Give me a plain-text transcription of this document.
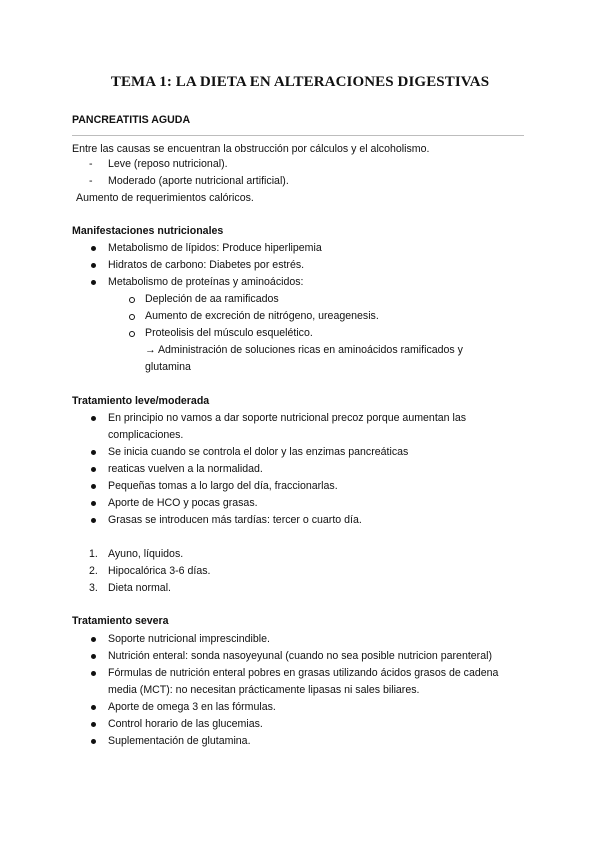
TEMA 1: LA DIETA EN ALTERACIONES DIGESTIVAS

PANCREATITIS AGUDA

Entre las causas se encuentran la obstrucción por cálculos y el alcoholismo.

- Leve (reposo nutricional).

- Moderado (aporte nutricional artificial).

Aumento de requerimientos calóricos.

Manifestaciones nutricionales

Metabolismo de lípidos: Produce hiperlipemia

Hidratos de carbono: Diabetes por estrés.

Metabolismo de proteínas y aminoácidos:

Depleción de aa ramificados

Aumento de excreción de nitrógeno, ureagenesis.

Proteolisis del músculo esquelético.

→ Administración de soluciones ricas en aminoácidos ramificados y

glutamina

Tratamiento leve/moderada

En principio no vamos a dar soporte nutricional precoz porque aumentan las

complicaciones.

Se inicia cuando se controla el dolor y las enzimas pancreáticas

reaticas vuelven a la normalidad.

Pequeñas tomas a lo largo del día, fraccionarlas.

Aporte de HCO y pocas grasas.

Grasas se introducen más tardías: tercer o cuarto día.

1. Ayuno, líquidos.

2. Hipocalórica 3-6 días.

3. Dieta normal.

Tratamiento severa

Soporte nutricional imprescindible.

Nutrición enteral: sonda nasoyeyunal (cuando no sea posible nutricion parenteral)

Fórmulas de nutrición enteral pobres en grasas utilizando ácidos grasos de cadena

media (MCT): no necesitan prácticamente lipasas ni sales biliares.

Aporte de omega 3 en las fórmulas.

Control horario de las glucemias.

Suplementación de glutamina.
